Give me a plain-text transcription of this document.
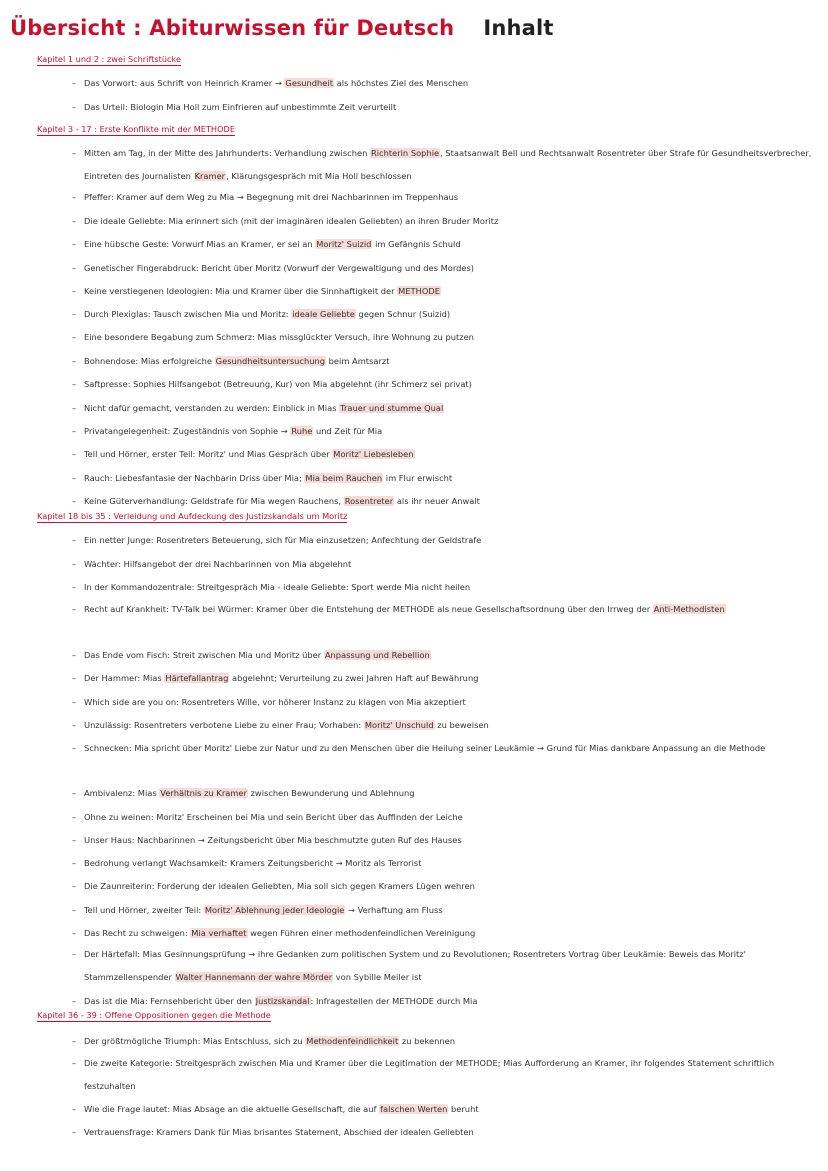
Übersicht : Abiturwissen für Deutsch Inhalt
Kapitel 1 und 2 : zwei Schriftstücke
– Das Vorwort: aus Schrift von Heinrich Kramer → Gesundheit als höchstes Ziel des Menschen
– Das Urteil: Biologin Mia Holl zum Einfrieren auf unbestimmte Zeit verurteilt
Kapitel 3 - 17 : Erste Konflikte mit der METHODE
– Mitten am Tag, in der Mitte des Jahrhunderts: Verhandlung zwischen Richterin Sophie, Staatsanwalt Bell und Rechtsanwalt Rosentreter über Strafe für Gesundheitsverbrecher, Eintreten des Journalisten Kramer, Klärungsgespräch mit Mia Holl beschlossen
– Pfeffer: Kramer auf dem Weg zu Mia → Begegnung mit drei Nachbarinnen im Treppenhaus
– Die ideale Geliebte: Mia erinnert sich (mit der imaginären idealen Geliebten) an ihren Bruder Moritz
– Eine hübsche Geste: Vorwurf Mias an Kramer, er sei an Moritz' Suizid im Gefängnis Schuld
– Genetischer Fingerabdruck: Bericht über Moritz (Vorwurf der Vergewaltigung und des Mordes)
– Keine verstiegenen Ideologien: Mia und Kramer über die Sinnhaftigkeit der METHODE
– Durch Plexiglas: Tausch zwischen Mia und Moritz: ideale Geliebte gegen Schnur (Suizid)
– Eine besondere Begabung zum Schmerz: Mias missglückter Versuch, ihre Wohnung zu putzen
– Bohnendose: Mias erfolgreiche Gesundheitsuntersuchung beim Amtsarzt
– Saftpresse: Sophies Hilfsangebot (Betreuung, Kur) von Mia abgelehnt (ihr Schmerz sei privat)
– Nicht dafür gemacht, verstanden zu werden: Einblick in Mias Trauer und stumme Qual
– Privatangelegenheit: Zugeständnis von Sophie → Ruhe und Zeit für Mia
– Tell und Hörner, erster Teil: Moritz' und Mias Gespräch über Moritz' Liebesleben
– Rauch: Liebesfantasie der Nachbarin Driss über Mia; Mia beim Rauchen im Flur erwischt
– Keine Güterverhandlung: Geldstrafe für Mia wegen Rauchens, Rosentreter als ihr neuer Anwalt
Kapitel 18 bis 35 : Verleidung und Aufdeckung des Justizskandals um Moritz
– Ein netter Junge: Rosentreters Beteuerung, sich für Mia einzusetzen; Anfechtung der Geldstrafe
– Wächter: Hilfsangebot der drei Nachbarinnen von Mia abgelehnt
– In der Kommandozentrale: Streitgespräch Mia - ideale Geliebte: Sport werde Mia nicht heilen
– Recht auf Krankheit: TV-Talk bei Würmer: Kramer über die Entstehung der METHODE als neue Gesellschaftsordnung über den Irrweg der Anti-Methodisten
– Das Ende vom Fisch: Streit zwischen Mia und Moritz über Anpassung und Rebellion
– Der Hammer: Mias Härtefallantrag abgelehnt; Verurteilung zu zwei Jahren Haft auf Bewährung
– Which side are you on: Rosentreters Wille, vor höherer Instanz zu klagen von Mia akzeptiert
– Unzulässig: Rosentreters verbotene Liebe zu einer Frau; Vorhaben: Moritz' Unschuld zu beweisen
– Schnecken: Mia spricht über Moritz' Liebe zur Natur und zu den Menschen über die Heilung seiner Leukämie → Grund für Mias dankbare Anpassung an die Methode
– Ambivalenz: Mias Verhältnis zu Kramer zwischen Bewunderung und Ablehnung
– Ohne zu weinen: Moritz' Erscheinen bei Mia und sein Bericht über das Auffinden der Leiche
– Unser Haus: Nachbarinnen → Zeitungsbericht über Mia beschmutzte guten Ruf des Hauses
– Bedrohung verlangt Wachsamkeit: Kramers Zeitungsbericht → Moritz als Terrorist
– Die Zaunreiterin: Forderung der idealen Geliebten, Mia soll sich gegen Kramers Lügen wehren
– Tell und Hörner, zweiter Teil: Moritz' Ablehnung jeder Ideologie → Verhaftung am Fluss
– Das Recht zu schweigen: Mia verhaftet wegen Führen einer methodenfeindlichen Vereinigung
– Der Härtefall: Mias Gesinnungsprüfung → ihre Gedanken zum politischen System und zu Revolutionen; Rosentreters Vortrag über Leukämie: Beweis das Moritz' Stammzellenspender Walter Hannemann der wahre Mörder von Sybille Meiler ist
– Das ist die Mia: Fernsehbericht über den Justizskandal: Infragestellen der METHODE durch Mia
Kapitel 36 - 39 : Offene Oppositionen gegen die Methode
– Der größtmögliche Triumph: Mias Entschluss, sich zu Methodenfeindlichkeit zu bekennen
– Die zweite Kategorie: Streitgespräch zwischen Mia und Kramer über die Legitimation der METHODE; Mias Aufforderung an Kramer, ihr folgendes Statement schriftlich festzuhalten
– Wie die Frage lautet: Mias Absage an die aktuelle Gesellschaft, die auf falschen Werten beruht
– Vertrauensfrage: Kramers Dank für Mias brisantes Statement, Abschied der idealen Geliebten
